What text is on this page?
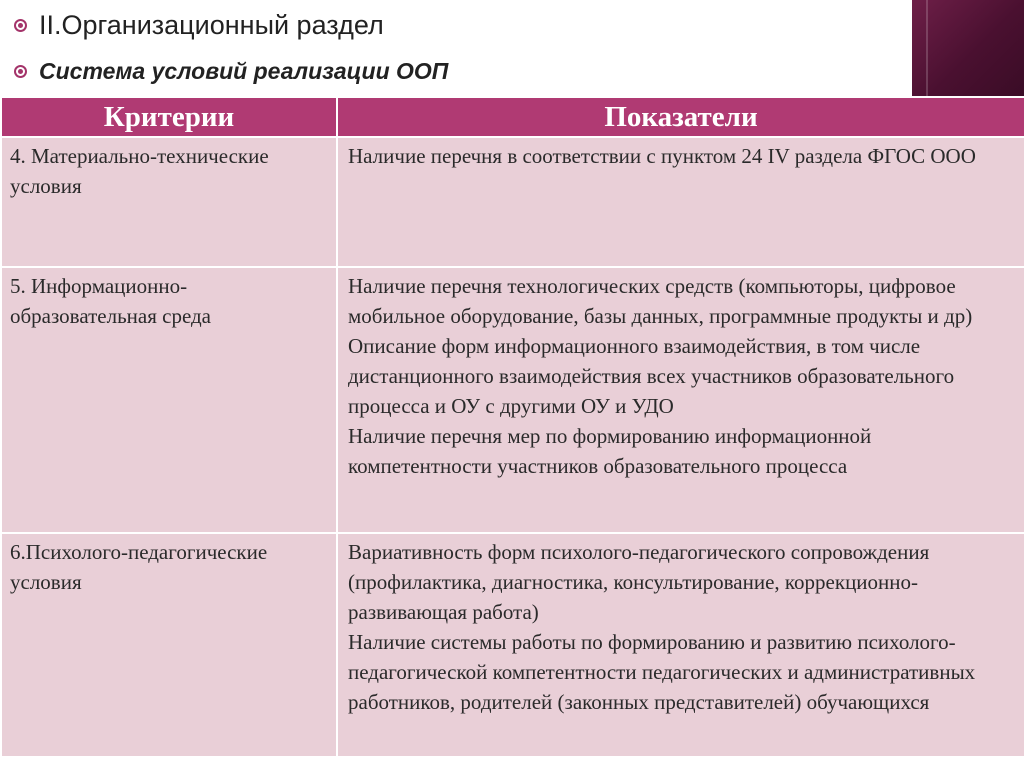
II.Организационный раздел
Система условий реализации ООП
Критерии	Показатели
4. Материально-технические условия	Наличие перечня в соответствии с пунктом 24 IV раздела ФГОС ООО

5. Информационно-образовательная среда	Наличие перечня технологических средств (компьюторы, цифровое мобильное оборудование, базы данных, программные продукты и др)
Описание форм информационного взаимодействия, в том числе дистанционного взаимодействия всех участников образовательного процесса и ОУ с другими ОУ и УДО
Наличие перечня мер по формированию информационной компетентности участников образовательного процесса

6.Психолого-педагогические условия	Вариативность форм психолого-педагогического сопровождения (профилактика, диагностика, консультирование, коррекционно-развивающая работа)
Наличие системы работы по формированию и развитию психолого-педагогической компетентности педагогических и административных работников, родителей (законных представителей) обучающихся
